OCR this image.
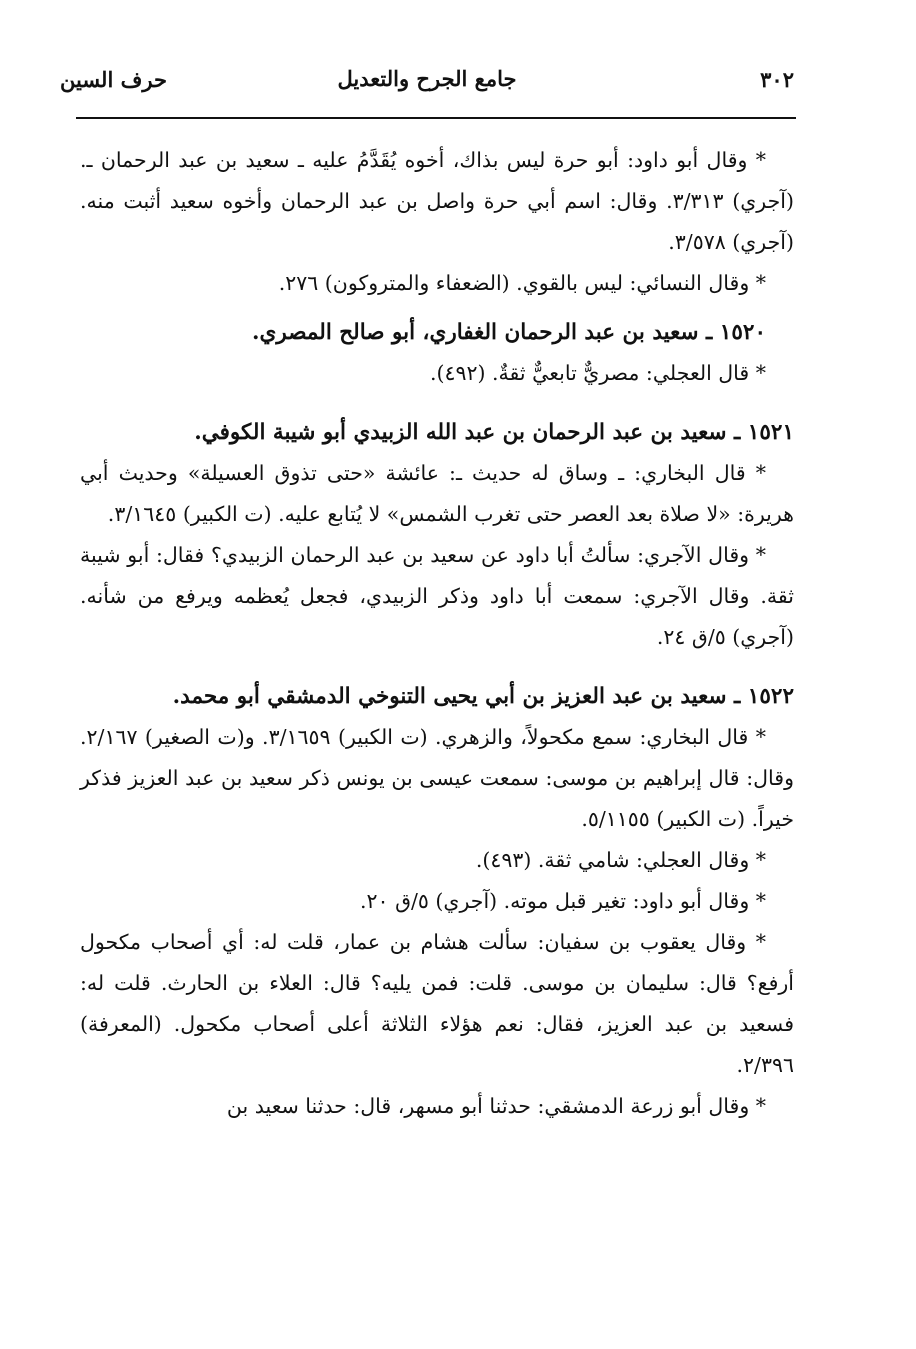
٣٠٢
جامع الجرح والتعديل
حرف السين

* وقال أبو داود: أبو حرة ليس بذاك، أخوه يُقَدَّمُ عليه ـ سعيد بن عبد الرحمان ـ. (آجري) ٣/٣١٣. وقال: اسم أبي حرة واصل بن عبد الرحمان وأخوه سعيد أثبت منه. (آجري) ٣/٥٧٨.

* وقال النسائي: ليس بالقوي. (الضعفاء والمتروكون) ٢٧٦.

١٥٢٠ ـ سعيد بن عبد الرحمان الغفاري، أبو صالح المصري.

* قال العجلي: مصريٌّ تابعيٌّ ثقةٌ. (٤٩٢).

١٥٢١ ـ سعيد بن عبد الرحمان بن عبد الله الزبيدي أبو شيبة الكوفي.

* قال البخاري: ـ وساق له حديث ـ: عائشة «حتى تذوق العسيلة» وحديث أبي هريرة: «لا صلاة بعد العصر حتى تغرب الشمس» لا يُتابع عليه. (ت الكبير) ٣/١٦٤٥.

* وقال الآجري: سألتُ أبا داود عن سعيد بن عبد الرحمان الزبيدي؟ فقال: أبو شيبة ثقة. وقال الآجري: سمعت أبا داود وذكر الزبيدي، فجعل يُعظمه ويرفع من شأنه. (آجري) ٥/ق ٢٤.

١٥٢٢ ـ سعيد بن عبد العزيز بن أبي يحيى التنوخي الدمشقي أبو محمد.

* قال البخاري: سمع مكحولاً، والزهري. (ت الكبير) ٣/١٦٥٩. و(ت الصغير) ٢/١٦٧. وقال: قال إبراهيم بن موسى: سمعت عيسى بن يونس ذكر سعيد بن عبد العزيز فذكر خيراً. (ت الكبير) ٥/١١٥٥.

* وقال العجلي: شامي ثقة. (٤٩٣).

* وقال أبو داود: تغير قبل موته. (آجري) ٥/ق ٢٠.

* وقال يعقوب بن سفيان: سألت هشام بن عمار، قلت له: أي أصحاب مكحول أرفع؟ قال: سليمان بن موسى. قلت: فمن يليه؟ قال: العلاء بن الحارث. قلت له: فسعيد بن عبد العزيز، فقال: نعم هؤلاء الثلاثة أعلى أصحاب مكحول. (المعرفة) ٢/٣٩٦.

* وقال أبو زرعة الدمشقي: حدثنا أبو مسهر، قال: حدثنا سعيد بن
